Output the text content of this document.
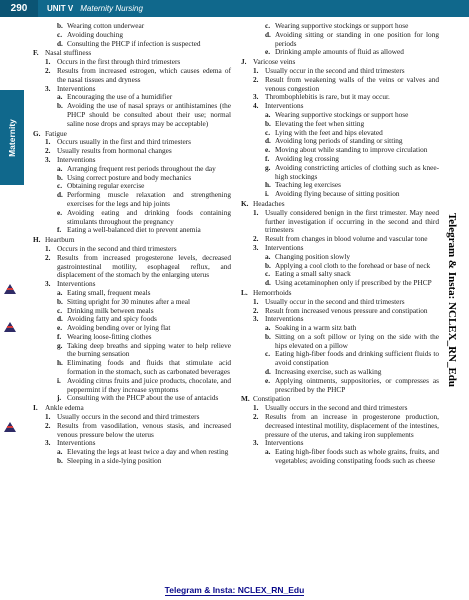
290	UNIT V Maternity Nursing
Maternity
b. Wearing cotton underwear
c. Avoiding douching
d. Consulting the PHCP if infection is suspected
F. Nasal stuffiness
1. Occurs in the first through third trimesters
2. Results from increased estrogen, which causes edema of the nasal tissues and dryness
3. Interventions
a. Encouraging the use of a humidifier
b. Avoiding the use of nasal sprays or antihistamines (the PHCP should be consulted about their use; normal saline nose drops and sprays may be acceptable)
G. Fatigue
1. Occurs usually in the first and third trimesters
2. Usually results from hormonal changes
3. Interventions
a. Arranging frequent rest periods throughout the day
b. Using correct posture and body mechanics
c. Obtaining regular exercise
d. Performing muscle relaxation and strengthening exercises for the legs and hip joints
e. Avoiding eating and drinking foods containing stimulants throughout the pregnancy
f. Eating a well-balanced diet to prevent anemia
H. Heartburn
1. Occurs in the second and third trimesters
2. Results from increased progesterone levels, decreased gastrointestinal motility, esophageal reflux, and displacement of the stomach by the enlarging uterus
3. Interventions
a. Eating small, frequent meals
b. Sitting upright for 30 minutes after a meal
c. Drinking milk between meals
d. Avoiding fatty and spicy foods
e. Avoiding bending over or lying flat
f. Wearing loose-fitting clothes
g. Taking deep breaths and sipping water to help relieve the burning sensation
h. Eliminating foods and fluids that stimulate acid formation in the stomach, such as carbonated beverages
i. Avoiding citrus fruits and juice products, chocolate, and peppermint if they increase symptoms
j. Consulting with the PHCP about the use of antacids
I.	Ankle edema
1. Usually occurs in the second and third trimesters
2. Results from vasodilation, venous stasis, and increased venous pressure below the uterus
3. Interventions
a. Elevating the legs at least twice a day and when resting
b. Sleeping in a side-lying position
c. Wearing supportive stockings or support hose
d. Avoiding sitting or standing in one position for long periods
e. Drinking ample amounts of fluid as allowed
J. Varicose veins
1. Usually occur in the second and third trimesters
2. Result from weakening walls of the veins or valves and venous congestion
3. Thrombophlebitis is rare, but it may occur.
4. Interventions
a. Wearing supportive stockings or support hose
b. Elevating the feet when sitting
c. Lying with the feet and hips elevated
d. Avoiding long periods of standing or sitting
e. Moving about while standing to improve circulation
f. Avoiding leg crossing
g. Avoiding constricting articles of clothing such as knee-high stockings
h. Teaching leg exercises
i. Avoiding flying because of sitting position
K. Headaches
1. Usually considered benign in the first trimester. May need further investigation if occurring in the second and third trimesters
2. Result from changes in blood volume and vascular tone
3. Interventions
a. Changing position slowly
b. Applying a cool cloth to the forehead or base of neck
c. Eating a small salty snack
d. Using acetaminophen only if prescribed by the PHCP
L. Hemorrhoids
1. Usually occur in the second and third trimesters
2. Result from increased venous pressure and constipation
3. Interventions
a. Soaking in a warm sitz bath
b. Sitting on a soft pillow or lying on the side with the hips elevated on a pillow
c. Eating high-fiber foods and drinking sufficient fluids to avoid constipation
d. Increasing exercise, such as walking
e. Applying ointments, suppositories, or compresses as prescribed by the PHCP
M. Constipation
1. Usually occurs in the second and third trimesters
2. Results from an increase in progesterone production, decreased intestinal motility, displacement of the intestines, pressure of the uterus, and taking iron supplements
3. Interventions
a. Eating high-fiber foods such as whole grains, fruits, and vegetables; avoiding constipating foods such as cheese
Telegram & Insta: NCLEX_RN_Edu
Telegram & Insta: NCLEX_RN_Edu
